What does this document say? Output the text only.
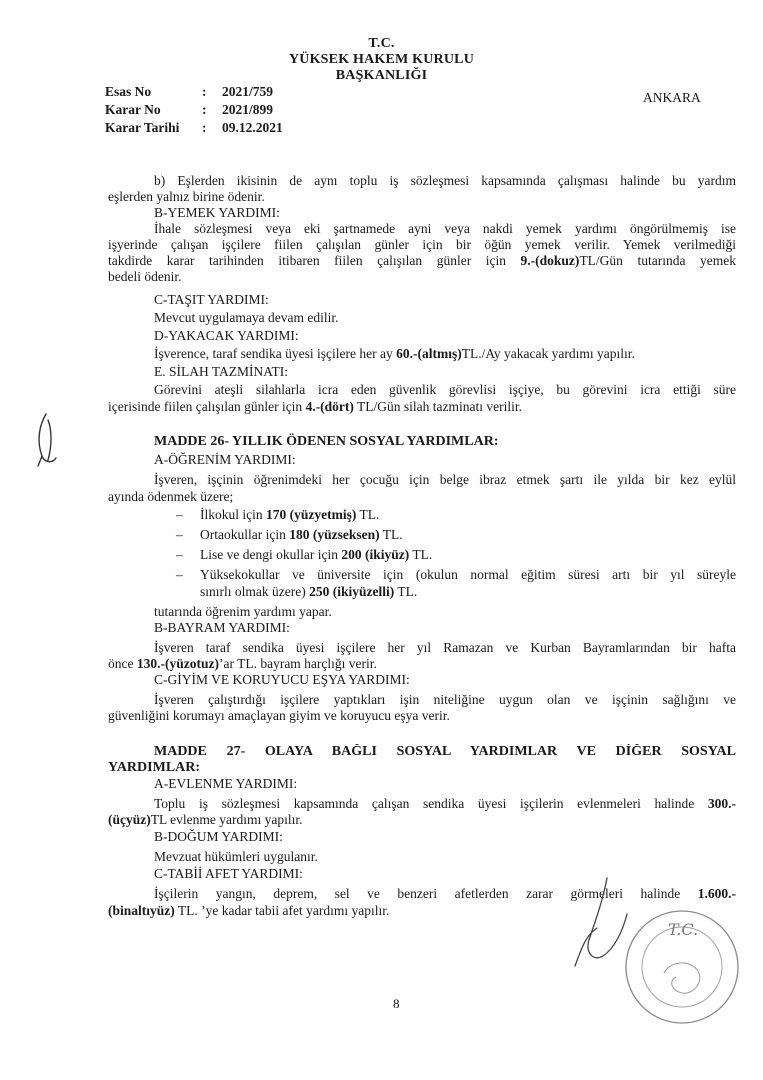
T.C.
YÜKSEK HAKEM KURULU
BAŞKANLIĞI
Esas No	: 2021/759
Karar No	: 2021/899
Karar Tarihi : 09.12.2021
ANKARA
b) Eşlerden ikisinin de aynı toplu iş sözleşmesi kapsamında çalışması halinde bu yardım
eşlerden yalnız birine ödenir.
B-YEMEK YARDIMI:
İhale sözleşmesi veya eki şartnamede ayni veya nakdi yemek yardımı öngörülmemiş ise
işyerinde çalışan işçilere fiilen çalışılan günler için bir öğün yemek verilir. Yemek verilmediği
takdirde karar tarihinden itibaren fiilen çalışılan günler için 9.-(dokuz)TL/Gün tutarında yemek
bedeli ödenir.
C-TAŞIT YARDIMI:
Mevcut uygulamaya devam edilir.
D-YAKACAK YARDIMI:
İşverence, taraf sendika üyesi işçilere her ay 60.-(altmış)TL./Ay yakacak yardımı yapılır.
E. SİLAH TAZMİNATI:
Görevini ateşli silahlarla icra eden güvenlik görevlisi işçiye, bu görevini icra ettiği süre
içerisinde fiilen çalışılan günler için 4.-(dört) TL/Gün silah tazminatı verilir.
MADDE 26- YILLIK ÖDENEN SOSYAL YARDIMLAR:
A-ÖĞRENİM YARDIMI:
İşveren, işçinin öğrenimdeki her çocuğu için belge ibraz etmek şartı ile yılda bir kez eylül
ayında ödenmek üzere;
– İlkokul için 170 (yüzyetmiş) TL.
– Ortaokullar için 180 (yüzseksen) TL.
– Lise ve dengi okullar için 200 (ikiyüz) TL.
– Yüksekokullar ve üniversite için (okulun normal eğitim süresi artı bir yıl süreyle
sınırlı olmak üzere) 250 (ikiyüzelli) TL.
tutarında öğrenim yardımı yapar.
B-BAYRAM YARDIMI:
İşveren taraf sendika üyesi işçilere her yıl Ramazan ve Kurban Bayramlarından bir hafta
önce 130.-(yüzotuz)’ar TL. bayram harçlığı verir.
C-GİYİM VE KORUYUCU EŞYA YARDIMI:
İşveren çalıştırdığı işçilere yaptıkları işin niteliğine uygun olan ve işçinin sağlığını ve
güvenliğini korumayı amaçlayan giyim ve koruyucu eşya verir.
MADDE 27- OLAYA BAĞLI SOSYAL YARDIMLAR VE DİĞER SOSYAL
YARDIMLAR:
A-EVLENME YARDIMI:
Toplu iş sözleşmesi kapsamında çalışan sendika üyesi işçilerin evlenmeleri halinde 300.-
(üçyüz)TL evlenme yardımı yapılır.
B-DOĞUM YARDIMI:
Mevzuat hükümleri uygulanır.
C-TABİİ AFET YARDIMI:
İşçilerin yangın, deprem, sel ve benzeri afetlerden zarar görmeleri halinde 1.600.-
(binaltıyüz) TL. ’ye kadar tabii afet yardımı yapılır.
T.C.
8
